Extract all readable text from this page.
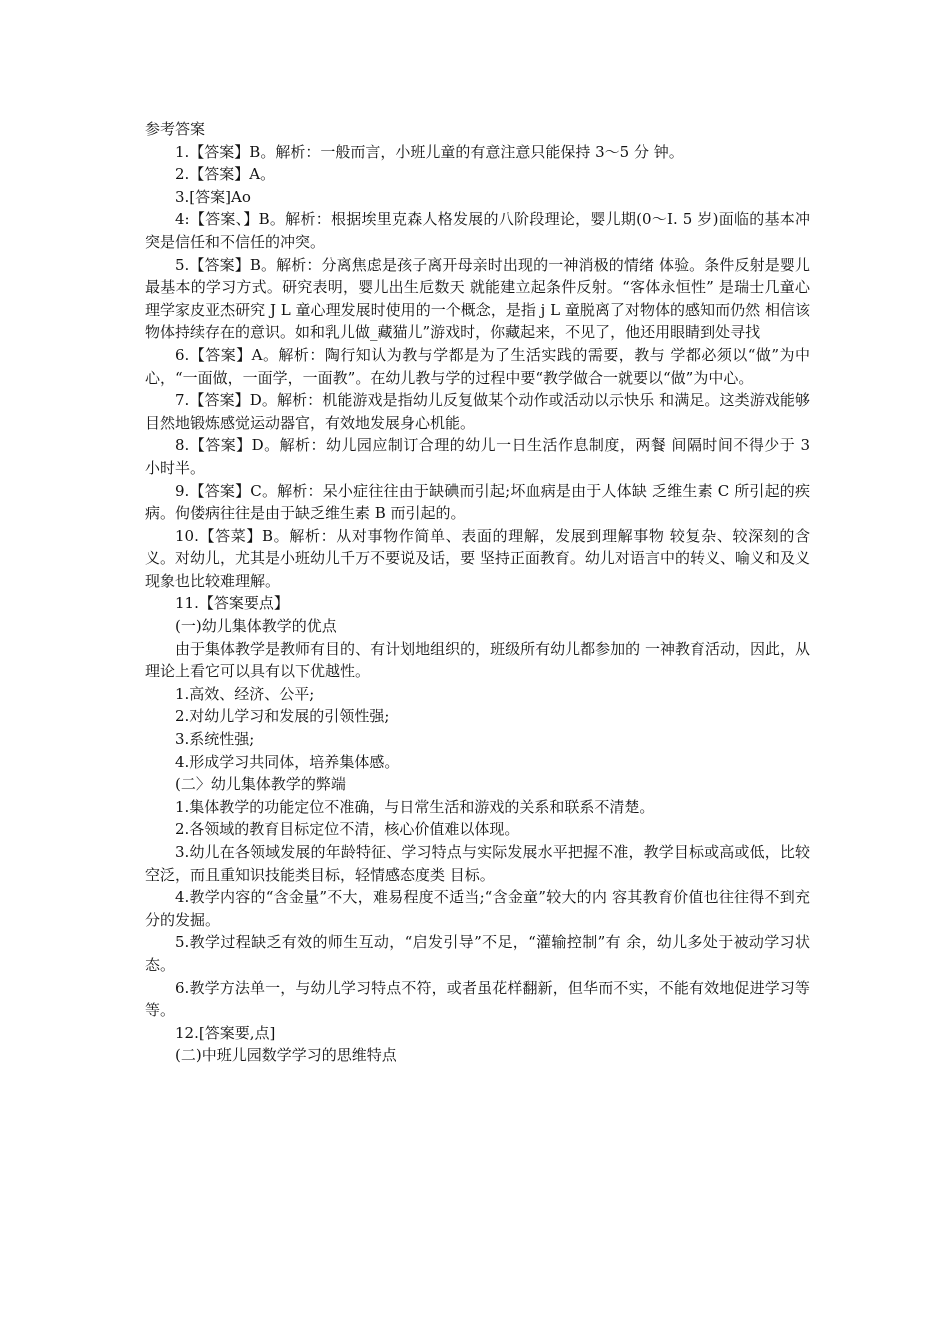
参考答案

1.【答案】B。解析：一般而言，小班儿童的有意注意只能保持 3〜5 分 钟。

2.【答案】A。

3.[答案]Ao

4:【答案、】B。解析：根据埃里克森人格发展的八阶段理论，婴儿期(0〜I. 5 岁)面临的基本冲突是信任和不信任的冲突。

5.【答案】B。解析：分离焦虑是孩子离开母亲时出现的一神消极的情绪 体验。条件反射是婴儿最基本的学习方式。研究表明，婴儿出生卮数天 就能建立起条件反射。“客体永恒性” 是瑞士几童心理学家皮亚杰研究 J L 童心理发展时使用的一个概念，是指 j L 童脱离了对物体的感知而仍然 相信该物体持续存在的意识。如和乳儿做_藏猫儿”游戏时，你藏起来，不见了，他还用眼睛到处寻找

6.【答案】A。解析：陶行知认为教与学都是为了生活实践的需要，教与 学都必须以“做”为中心，“一面做，一面学，一面教”。在幼儿教与学的过程中要“教学做合一就要以“做”为中心。

7.【答案】D。解析：机能游戏是指幼儿反复做某个动作或活动以示快乐 和满足。这类游戏能够目然地锻炼感觉运动器官，有效地发展身心机能。

8.【答案】D。解析：幼儿园应制订合理的幼儿一日生活作息制度，两餐 间隔时间不得少于 3 小时半。

9.【答案】C。解析：呆小症往往由于缺碘而引起;坏血病是由于人体缺 乏维生素 C 所引起的疾病。佝偻病往往是由于缺乏维生素 B 而引起的。

10.【答菜】B。解析：从对事物作简单、表面的理解，发展到理解事物 较复杂、较深刻的含义。对幼儿，尤其是小班幼儿千万不要说及话，要 坚持正面教育。幼儿对语言中的转义、喻义和及义现象也比较难理解。

11.【答案要点】

(一)幼儿集体教学的优点

由于集体教学是教师有目的、有计划地组织的，班级所有幼儿都参加的 一神教育活动，因此，从理论上看它可以具有以下优越性。

1.高效、经济、公平;

2.对幼儿学习和发展的引领性强;

3.系统性强;

4.形成学习共同体，培养集体感。

(二〉幼儿集体教学的弊端

1.集体教学的功能定位不准确，与日常生活和游戏的关系和联系不清楚。

2.各领域的教育目标定位不清，核心价值难以体现。

3.幼儿在各领域发展的年龄特征、学习特点与实际发展水平把握不准，教学目标或高或低，比较空泛，而且重知识技能类目标，轻情感态度类 目标。

4.教学内容的“含金量”不大，难易程度不适当;“含金童”较大的内 容其教育价值也往往得不到充分的发掘。

5.教学过程缺乏有效的师生互动，“启发引导”不足，“灌输控制”有 余，幼儿多处于被动学习状态。

6.教学方法单一，与幼儿学习特点不符，或者虽花样翻新，但华而不实，不能有效地促进学习等等。

12.[答案要,点]

(二)中班儿园数学学习的思维特点
